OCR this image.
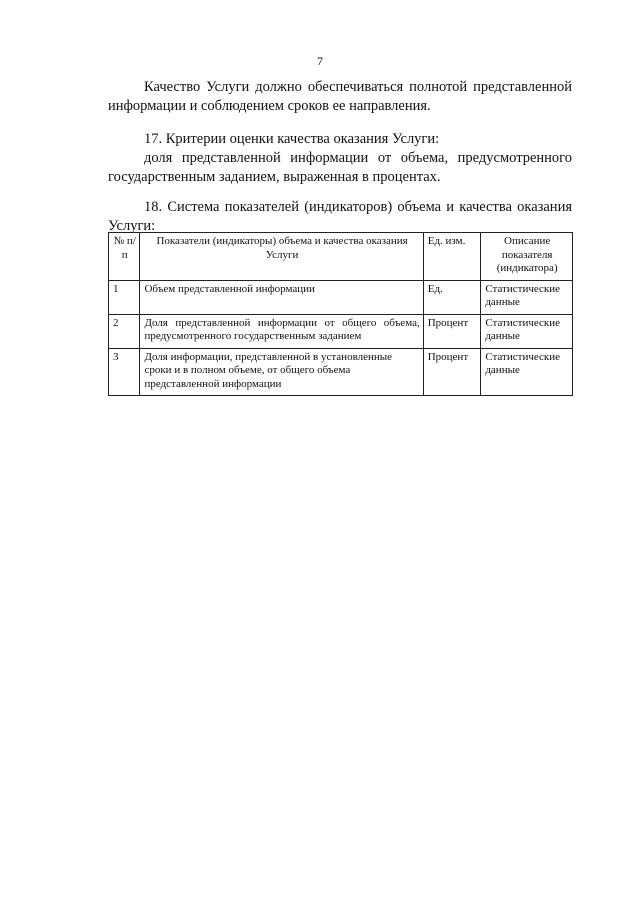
7
Качество Услуги должно обеспечиваться полнотой представленной
информации и соблюдением сроков ее направления.
17. Критерии оценки качества оказания Услуги:
доля представленной информации от объема, предусмотренного
государственным заданием, выраженная в процентах.
18. Система показателей (индикаторов) объема и качества оказания
Услуги:
№ п/п	Показатели (индикаторы) объема и качества оказания Услуги	Ед. изм.	Описание показателя (индикатора)
1	Объем представленной информации	Ед.	Статистические данные
2	Доля представленной информации от общего объема, предусмотренного государственным заданием	Процент	Статистические данные
3	Доля информации, представленной в установленные сроки и в полном объеме, от общего объема представленной информации	Процент	Статистические данные
